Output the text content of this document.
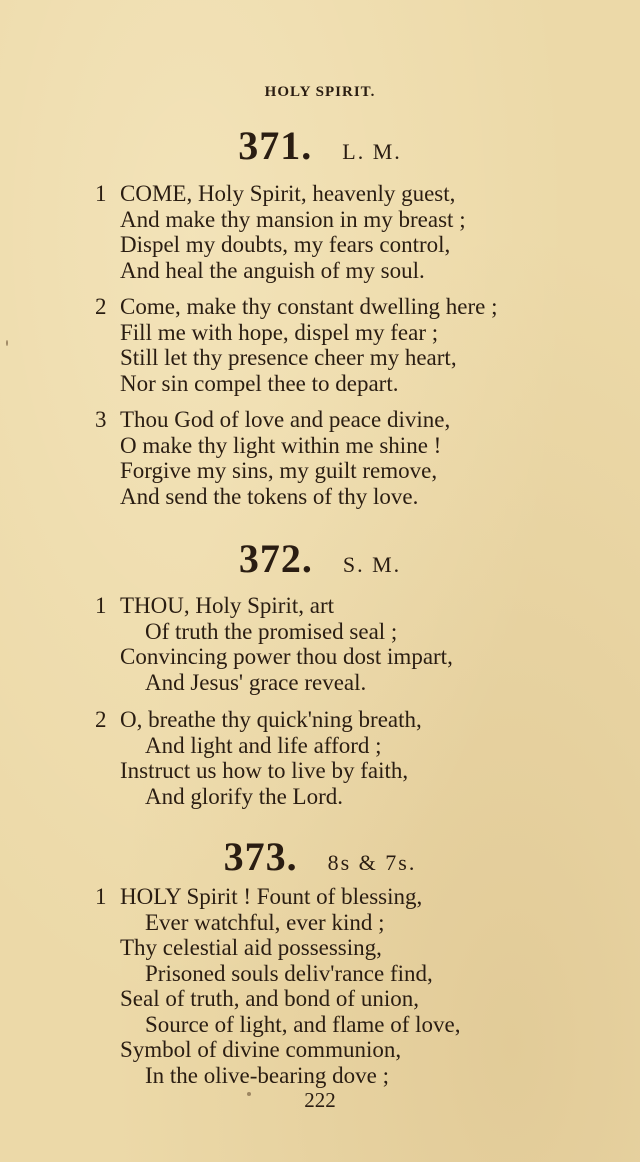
HOLY SPIRIT.
371. L. M.
1 COME, Holy Spirit, heavenly guest,
And make thy mansion in my breast ;
Dispel my doubts, my fears control,
And heal the anguish of my soul.
2 Come, make thy constant dwelling here ;
Fill me with hope, dispel my fear ;
Still let thy presence cheer my heart,
Nor sin compel thee to depart.
3 Thou God of love and peace divine,
O make thy light within me shine !
Forgive my sins, my guilt remove,
And send the tokens of thy love.
372. S. M.
1 THOU, Holy Spirit, art
Of truth the promised seal ;
Convincing power thou dost impart,
And Jesus' grace reveal.
2 O, breathe thy quick'ning breath,
And light and life afford ;
Instruct us how to live by faith,
And glorify the Lord.
373. 8s & 7s.
1 HOLY Spirit ! Fount of blessing,
Ever watchful, ever kind ;
Thy celestial aid possessing,
Prisoned souls deliv'rance find,
Seal of truth, and bond of union,
Source of light, and flame of love,
Symbol of divine communion,
In the olive-bearing dove ;
222
